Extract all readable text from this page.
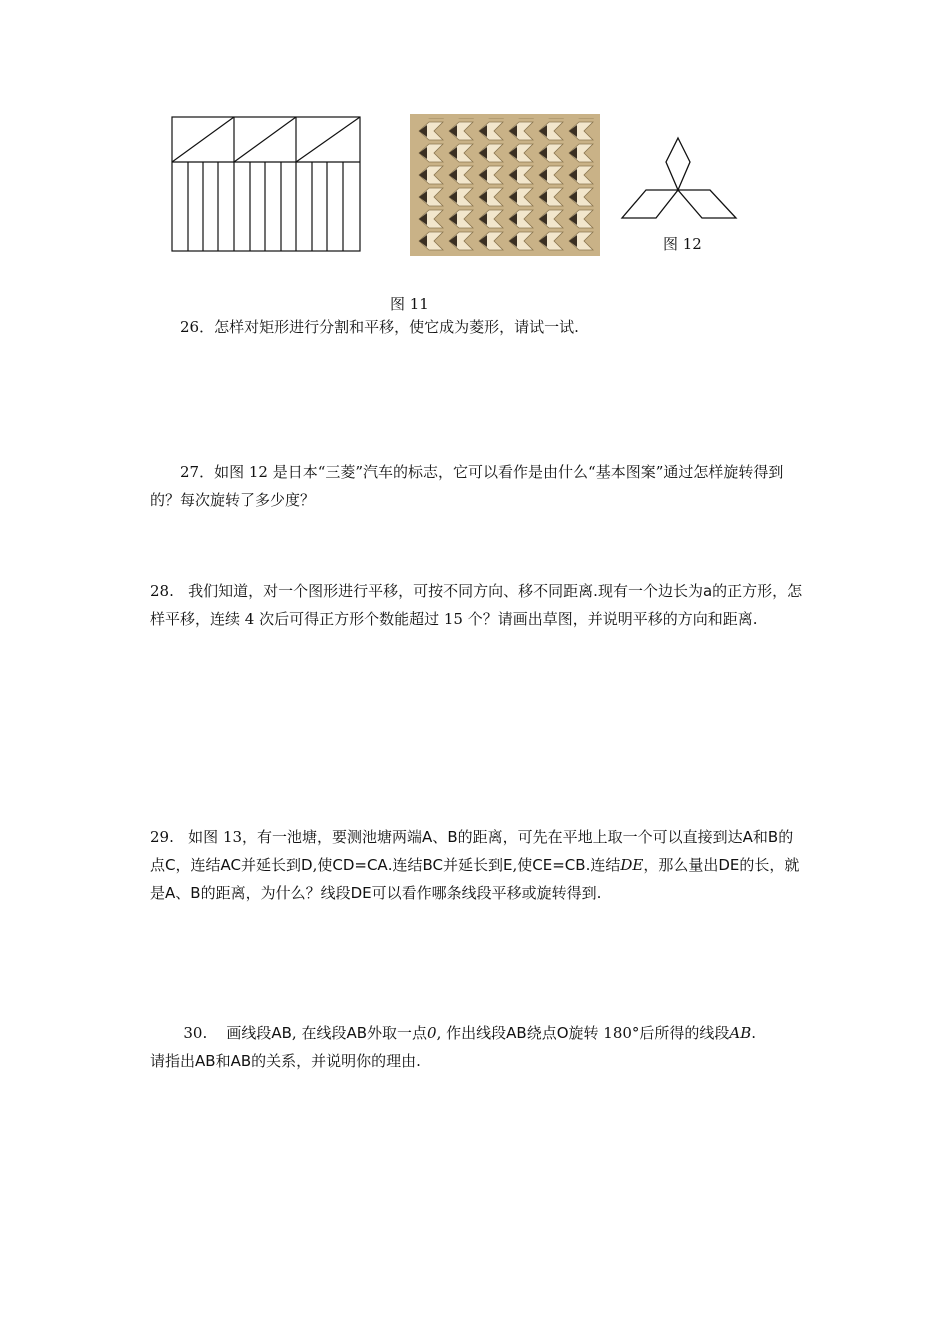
图 12
图 11

26．怎样对矩形进行分割和平移，使它成为菱形，请试一试.

27．如图 12 是日本“三菱”汽车的标志，它可以看作是由什么“基本图案”通过怎样旋转得到的？每次旋转了多少度？

28. 我们知道，对一个图形进行平移，可按不同方向、移不同距离.现有一个边长为a的正方形，怎样平移，连续 4 次后可得正方形个数能超过 15 个？请画出草图，并说明平移的方向和距离.

29. 如图 13，有一池塘，要测池塘两端A、B的距离，可先在平地上取一个可以直接到达A和B的点C，连结AC并延长到D,使CD=CA.连结BC并延长到E,使CE=CB.连结DE，那么量出DE的长，就是A、B的距离，为什么？线段DE可以看作哪条线段平移或旋转得到.

30. 画线段AB, 在线段AB外取一点0, 作出线段AB绕点O旋转 180°后所得的线段AB.
请指出AB和AB的关系，并说明你的理由.
